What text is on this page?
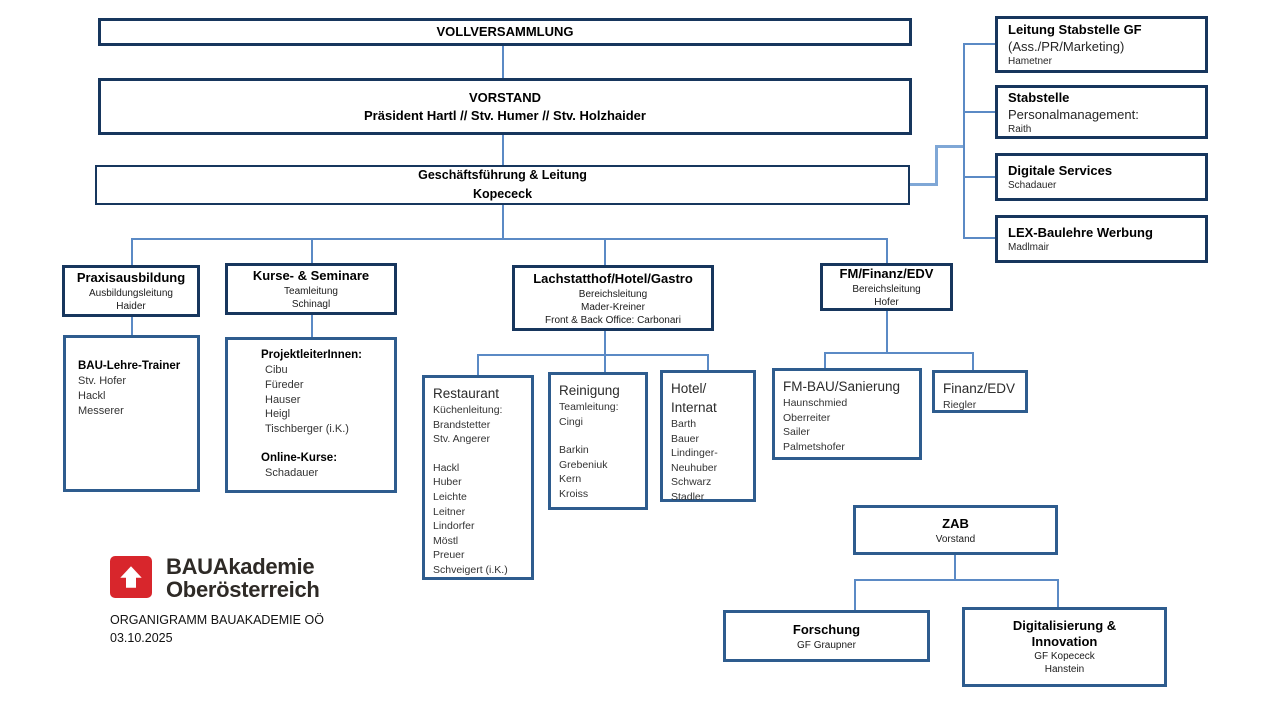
VOLLVERSAMMLUNG
VORSTAND
Präsident Hartl // Stv. Humer // Stv. Holzhaider
Geschäftsführung & Leitung
Kopececk
Leitung Stabstelle GF
(Ass./PR/Marketing)
Hametner
Stabstelle
Personalmanagement:
Raith
Digitale Services
Schadauer
LEX-Baulehre Werbung
Madlmair
Praxisausbildung
Ausbildungsleitung
Haider
Kurse- & Seminare
Teamleitung
Schinagl
Lachstatthof/Hotel/Gastro
Bereichsleitung
Mader-Kreiner
Front & Back Office: Carbonari
FM/Finanz/EDV
Bereichsleitung
Hofer
BAU-Lehre-Trainer
Stv. Hofer
Hackl
Messerer
ProjektleiterInnen:
Cibu
Füreder
Hauser
Heigl
Tischberger (i.K.)
Online-Kurse:
Schadauer
Restaurant
Küchenleitung:
Brandstetter
Stv. Angerer
Hackl
Huber
Leichte
Leitner
Lindorfer
Möstl
Preuer
Schveigert (i.K.)
Reinigung
Teamleitung:
Cingi
Barkin
Grebeniuk
Kern
Kroiss
Hotel/
Internat
Barth
Bauer
Lindinger-
Neuhuber
Schwarz
Stadler
FM-BAU/Sanierung
Haunschmied
Oberreiter
Sailer
Palmetshofer
Finanz/EDV
Riegler
ZAB
Vorstand
Forschung
GF Graupner
Digitalisierung &
Innovation
GF Kopececk
Hanstein
BAUAkademie
Oberösterreich
ORGANIGRAMM BAUAKADEMIE OÖ
03.10.2025
